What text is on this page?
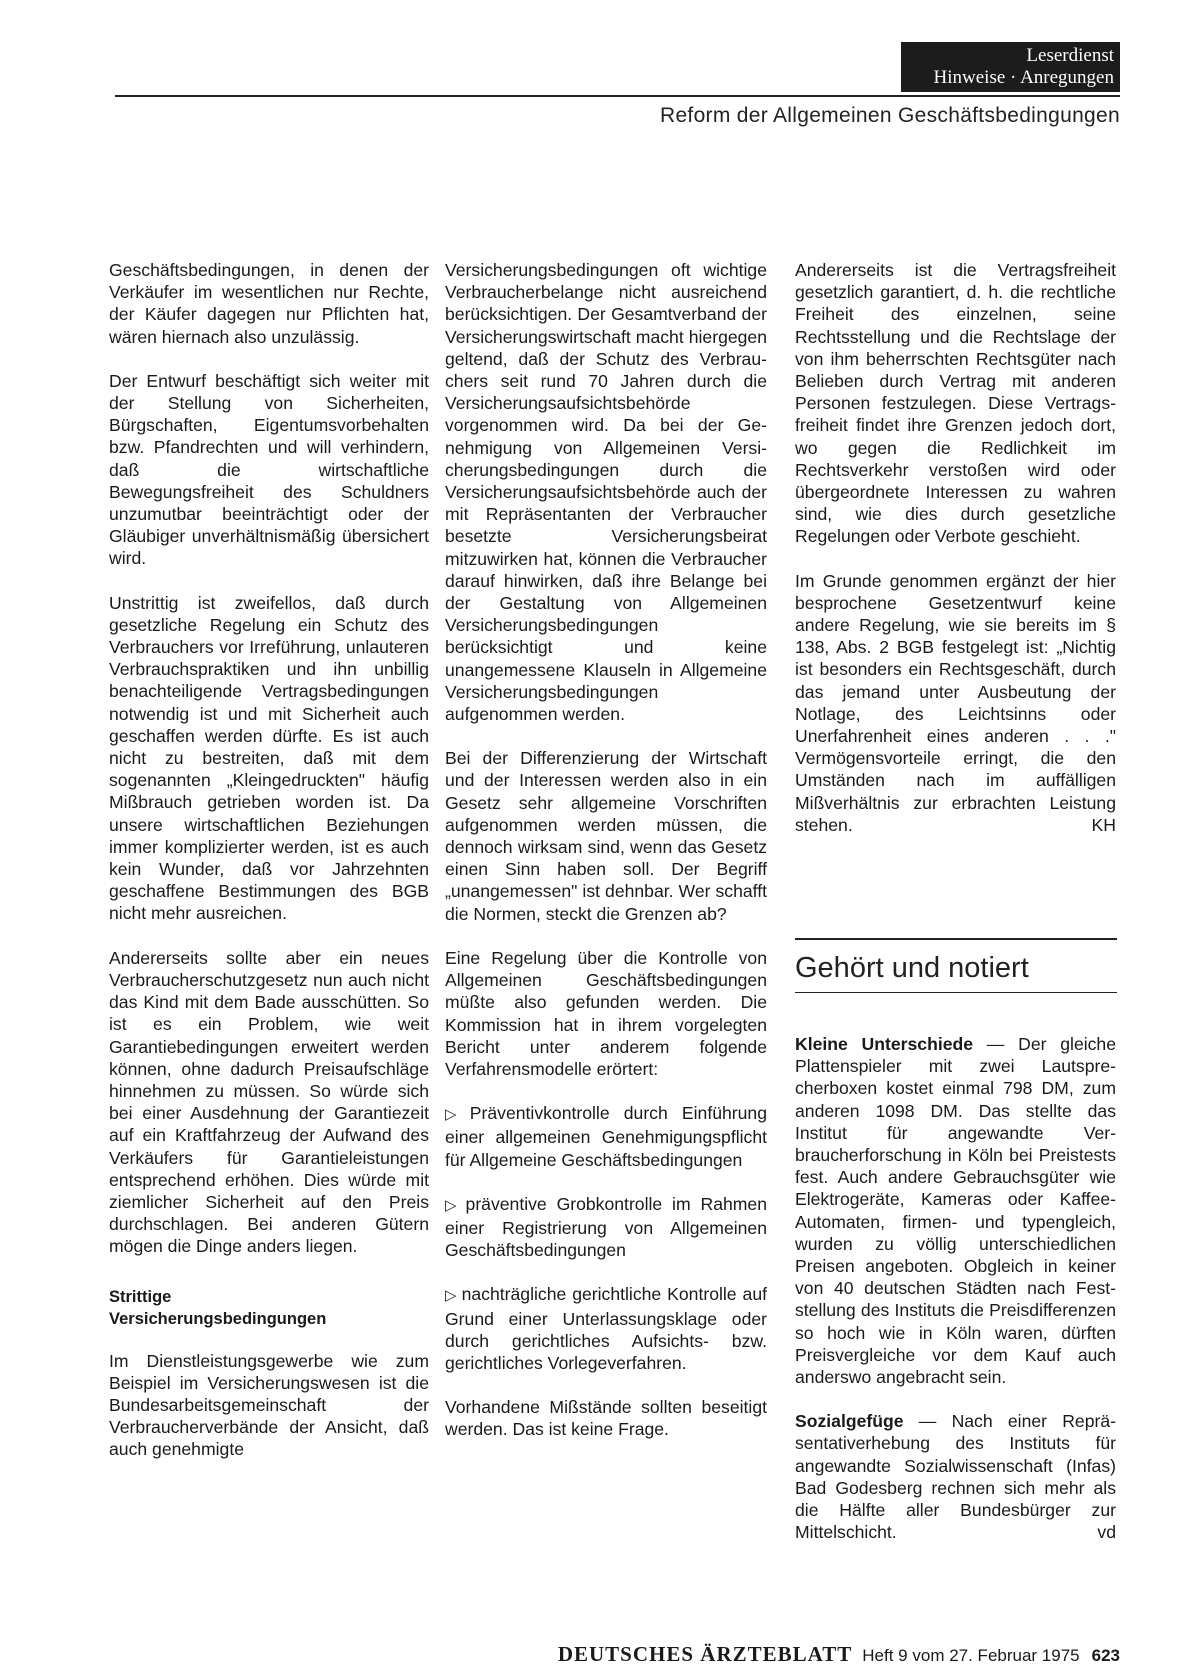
Leserdienst
Hinweise · Anregungen
Reform der Allgemeinen Geschäftsbedingungen

Geschäftsbedingungen, in denen der Verkäufer im wesentlichen nur Rechte, der Käufer dagegen nur Pflichten hat, wären hiernach also unzulässig.

Der Entwurf beschäftigt sich weiter mit der Stellung von Sicherheiten, Bürgschaften, Eigentumsvorbehalten bzw. Pfandrechten und will verhindern, daß die wirtschaftliche Bewegungsfreiheit des Schuldners unzumutbar beeinträchtigt oder der Gläubiger unverhältnismäßig übersichert wird.

Unstrittig ist zweifellos, daß durch gesetzliche Regelung ein Schutz des Verbrauchers vor Irreführung, unlauteren Verbrauchspraktiken und ihn unbillig benachteiligende Vertragsbedingungen notwendig ist und mit Sicherheit auch geschaffen werden dürfte. Es ist auch nicht zu bestreiten, daß mit dem sogenannten „Kleingedruckten" häufig Mißbrauch getrieben worden ist. Da unsere wirtschaftlichen Beziehungen immer komplizierter werden, ist es auch kein Wunder, daß vor Jahrzehnten geschaffene Bestimmungen des BGB nicht mehr ausreichen.

Andererseits sollte aber ein neues Verbraucherschutzgesetz nun auch nicht das Kind mit dem Bade ausschütten. So ist es ein Problem, wie weit Garantiebedingungen erweitert werden können, ohne dadurch Preisaufschläge hinnehmen zu müssen. So würde sich bei einer Ausdehnung der Garantiezeit auf ein Kraftfahrzeug der Aufwand des Verkäufers für Garantieleistungen entsprechend erhöhen. Dies würde mit ziemlicher Sicherheit auf den Preis durchschlagen. Bei anderen Gütern mögen die Dinge anders liegen.

Strittige
Versicherungsbedingungen

Im Dienstleistungsgewerbe wie zum Beispiel im Versicherungswesen ist die Bundesarbeitsgemeinschaft der Verbraucherverbände der Ansicht, daß auch genehmigte

Versicherungsbedingungen oft wichtige Verbraucherbelange nicht ausreichend berücksichtigen. Der Gesamtverband der Versicherungswirtschaft macht hiergegen geltend, daß der Schutz des Verbrauchers seit rund 70 Jahren durch die Versicherungsaufsichtsbehörde vorgenommen wird. Da bei der Genehmigung von Allgemeinen Versicherungsbedingungen durch die Versicherungsaufsichtsbehörde auch der mit Repräsentanten der Verbraucher besetzte Versicherungsbeirat mitzuwirken hat, können die Verbraucher darauf hinwirken, daß ihre Belange bei der Gestaltung von Allgemeinen Versicherungsbedingungen berücksichtigt und keine unangemessene Klauseln in Allgemeine Versicherungsbedingungen aufgenommen werden.

Bei der Differenzierung der Wirtschaft und der Interessen werden also in ein Gesetz sehr allgemeine Vorschriften aufgenommen werden müssen, die dennoch wirksam sind, wenn das Gesetz einen Sinn haben soll. Der Begriff „unangemessen" ist dehnbar. Wer schafft die Normen, steckt die Grenzen ab?

Eine Regelung über die Kontrolle von Allgemeinen Geschäftsbedingungen müßte also gefunden werden. Die Kommission hat in ihrem vorgelegten Bericht unter anderem folgende Verfahrensmodelle erörtert:

▷ Präventivkontrolle durch Einführung einer allgemeinen Genehmigungspflicht für Allgemeine Geschäftsbedingungen

▷ präventive Grobkontrolle im Rahmen einer Registrierung von Allgemeinen Geschäftsbedingungen

▷ nachträgliche gerichtliche Kontrolle auf Grund einer Unterlassungsklage oder durch gerichtliches Aufsichts- bzw. gerichtliches Vorlegeverfahren.

Vorhandene Mißstände sollten beseitigt werden. Das ist keine Frage.

Andererseits ist die Vertragsfreiheit gesetzlich garantiert, d. h. die rechtliche Freiheit des einzelnen, seine Rechtsstellung und die Rechtslage der von ihm beherrschten Rechtsgüter nach Belieben durch Vertrag mit anderen Personen festzulegen. Diese Vertragsfreiheit findet ihre Grenzen jedoch dort, wo gegen die Redlichkeit im Rechtsverkehr verstoßen wird oder übergeordnete Interessen zu wahren sind, wie dies durch gesetzliche Regelungen oder Verbote geschieht.

Im Grunde genommen ergänzt der hier besprochene Gesetzentwurf keine andere Regelung, wie sie bereits im § 138, Abs. 2 BGB festgelegt ist: „Nichtig ist besonders ein Rechtsgeschäft, durch das jemand unter Ausbeutung der Notlage, des Leichtsinns oder Unerfahrenheit eines anderen . . ." Vermögensvorteile erringt, die den Umständen nach im auffälligen Mißverhältnis zur erbrachten Leistung stehen.	KH

Gehört und notiert

Kleine Unterschiede — Der gleiche Plattenspieler mit zwei Lautsprecherboxen kostet einmal 798 DM, zum anderen 1098 DM. Das stellte das Institut für angewandte Verbraucherforschung in Köln bei Preistests fest. Auch andere Gebrauchsgüter wie Elektrogeräte, Kameras oder Kaffee-Automaten, firmen- und typengleich, wurden zu völlig unterschiedlichen Preisen angeboten. Obgleich in keiner von 40 deutschen Städten nach Feststellung des Instituts die Preisdifferenzen so hoch wie in Köln waren, dürften Preisvergleiche vor dem Kauf auch anderswo angebracht sein.

Sozialgefüge — Nach einer Repräsentativerhebung des Instituts für angewandte Sozialwissenschaft (Infas) Bad Godesberg rechnen sich mehr als die Hälfte aller Bundesbürger zur Mittelschicht.	vd

DEUTSCHES ÄRZTEBLATT Heft 9 vom 27. Februar 1975 623
